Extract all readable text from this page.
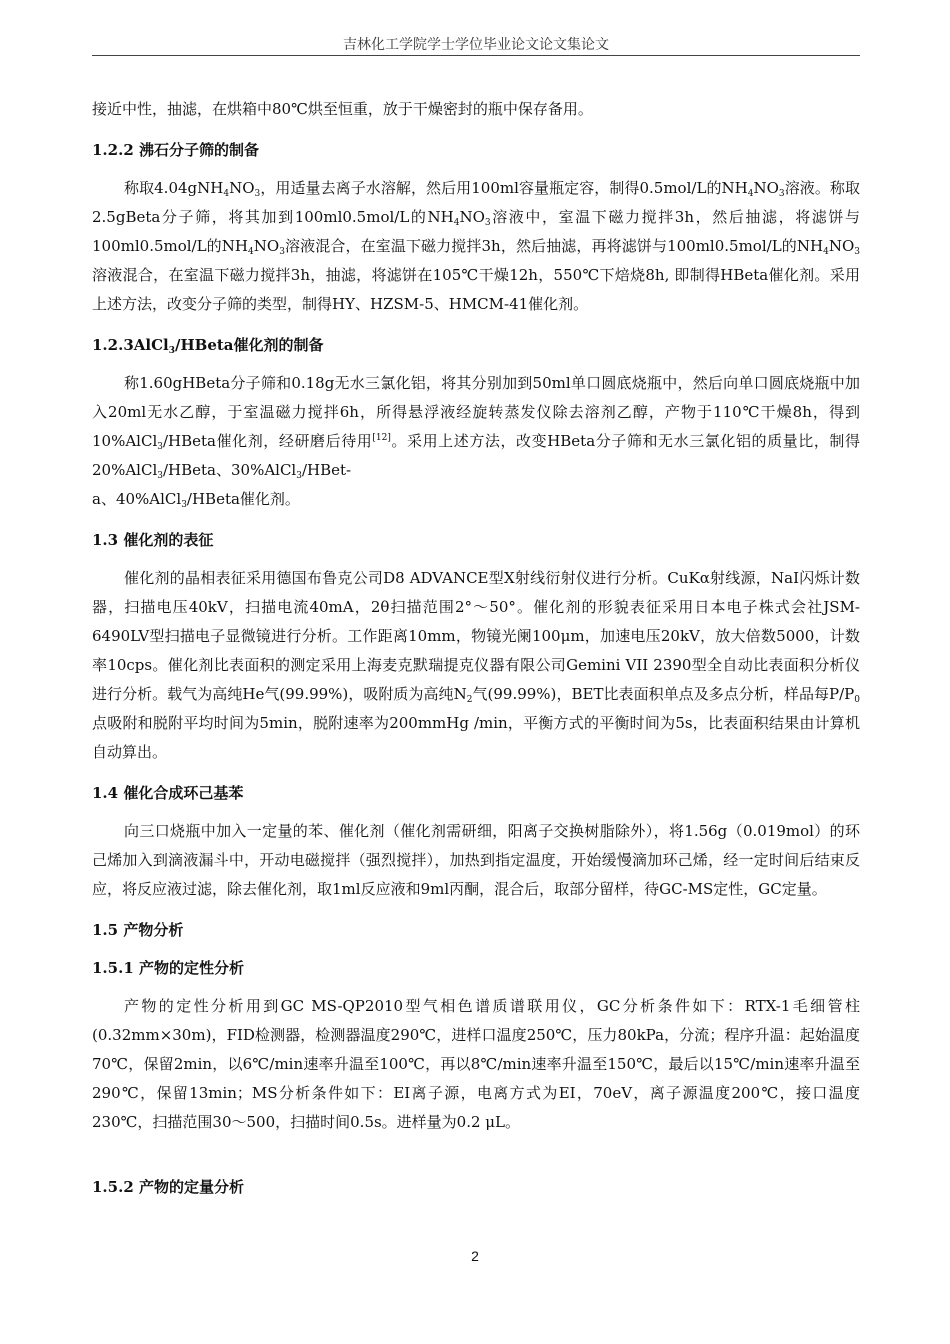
吉林化工学院学士学位毕业论文论文集论文

接近中性，抽滤，在烘箱中80℃烘至恒重，放于干燥密封的瓶中保存备用。

1.2.2 沸石分子筛的制备

称取$4.04gNH_4NO_3$，用适量去离子水溶解，然后用100ml容量瓶定容，制得0.5mol/L的$NH_4NO_3$溶液。称取2.5gBeta分子筛，将其加到100ml0.5mol/L的$NH_4NO_3$溶液中，室温下磁力搅拌3h，然后抽滤，将滤饼与100ml0.5mol/L的$NH_4NO_3$溶液混合，在室温下磁力搅拌3h，然后抽滤，再将滤饼与100ml0.5mol/L的$NH_4NO_3$溶液混合，在室温下磁力搅拌3h，抽滤，将滤饼在105℃干燥12h，550℃下焙烧8h, 即制得HBeta催化剂。采用上述方法，改变分子筛的类型，制得HY、HZSM-5、HMCM-41催化剂。

1.2.3AlCl$_3$/HBeta催化剂的制备

称1.60gHBeta分子筛和0.18g无水三氯化铝，将其分别加到50ml单口圆底烧瓶中，然后向单口圆底烧瓶中加入20ml无水乙醇，于室温磁力搅拌6h，所得悬浮液经旋转蒸发仪除去溶剂乙醇，产物于110℃干燥8h，得到10%AlCl$_3$/HBeta催化剂，经研磨后待用[12]。采用上述方法，改变HBeta分子筛和无水三氯化铝的质量比，制得20%AlCl$_3$/HBeta、30%AlCl$_3$/HBet-
a、40%AlCl$_3$/HBeta催化剂。

1.3 催化剂的表征

催化剂的晶相表征采用德国布鲁克公司D8 ADVANCE型X射线衍射仪进行分析。CuKα射线源，NaI闪烁计数器，扫描电压40kV，扫描电流40mA，2θ扫描范围2°～50°。催化剂的形貌表征采用日本电子株式会社JSM-6490LV型扫描电子显微镜进行分析。工作距离10mm，物镜光阑100μm，加速电压20kV，放大倍数5000，计数率10cps。催化剂比表面积的测定采用上海麦克默瑞提克仪器有限公司Gemini VII 2390型全自动比表面积分析仪进行分析。载气为高纯He气(99.99%)，吸附质为高纯$N_2$气(99.99%)，BET比表面积单点及多点分析，样品每$P/P_0$点吸附和脱附平均时间为5min，脱附速率为200mmHg /min，平衡方式的平衡时间为5s，比表面积结果由计算机自动算出。

1.4 催化合成环己基苯

向三口烧瓶中加入一定量的苯、催化剂（催化剂需研细，阳离子交换树脂除外），将1.56g（0.019mol）的环己烯加入到滴液漏斗中，开动电磁搅拌（强烈搅拌），加热到指定温度，开始缓慢滴加环己烯，经一定时间后结束反应，将反应液过滤，除去催化剂，取1ml反应液和9ml丙酮，混合后，取部分留样，待GC-MS定性，GC定量。

1.5 产物分析
1.5.1 产物的定性分析

产物的定性分析用到GC MS-QP2010型气相色谱质谱联用仪，GC分析条件如下：RTX-1毛细管柱(0.32mm×30m)，FID检测器，检测器温度290℃，进样口温度250℃，压力80kPa，分流；程序升温：起始温度70℃，保留2min，以6℃/min速率升温至100℃，再以8℃/min速率升温至150℃，最后以15℃/min速率升温至290℃，保留13min；MS分析条件如下：EI离子源，电离方式为EI，70eV，离子源温度200℃，接口温度230℃，扫描范围30～500，扫描时间0.5s。进样量为0.2 μL。

1.5.2 产物的定量分析
2
